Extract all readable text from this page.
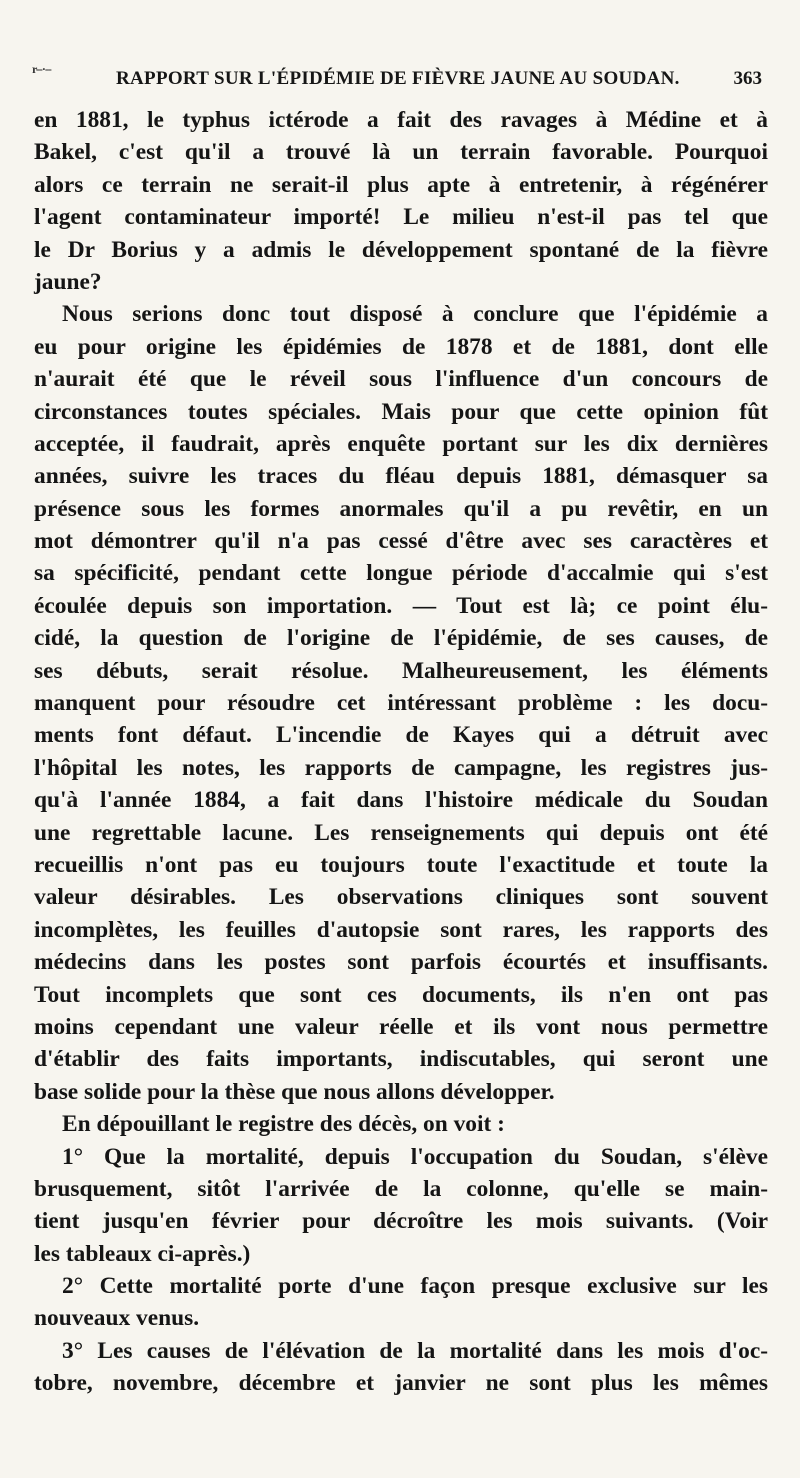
r--·--	RAPPORT SUR L'ÉPIDÉMIE DE FIÈVRE JAUNE AU SOUDAN.	363
en 1881, le typhus ictérode a fait des ravages à Médine et à
Bakel, c'est qu'il a trouvé là un terrain favorable. Pourquoi
alors ce terrain ne serait-il plus apte à entretenir, à régénérer
l'agent contaminateur importé! Le milieu n'est-il pas tel que
le Dr Borius y a admis le développement spontané de la fièvre
jaune?
Nous serions donc tout disposé à conclure que l'épidémie a
eu pour origine les épidémies de 1878 et de 1881, dont elle
n'aurait été que le réveil sous l'influence d'un concours de
circonstances toutes spéciales. Mais pour que cette opinion fût
acceptée, il faudrait, après enquête portant sur les dix dernières
années, suivre les traces du fléau depuis 1881, démasquer sa
présence sous les formes anormales qu'il a pu revêtir, en un
mot démontrer qu'il n'a pas cessé d'être avec ses caractères et
sa spécificité, pendant cette longue période d'accalmie qui s'est
écoulée depuis son importation. — Tout est là; ce point élu-
cidé, la question de l'origine de l'épidémie, de ses causes, de
ses débuts, serait résolue. Malheureusement, les éléments
manquent pour résoudre cet intéressant problème : les docu-
ments font défaut. L'incendie de Kayes qui a détruit avec
l'hôpital les notes, les rapports de campagne, les registres jus-
qu'à l'année 1884, a fait dans l'histoire médicale du Soudan
une regrettable lacune. Les renseignements qui depuis ont été
recueillis n'ont pas eu toujours toute l'exactitude et toute la
valeur désirables. Les observations cliniques sont souvent
incomplètes, les feuilles d'autopsie sont rares, les rapports des
médecins dans les postes sont parfois écourtés et insuffisants.
Tout incomplets que sont ces documents, ils n'en ont pas
moins cependant une valeur réelle et ils vont nous permettre
d'établir des faits importants, indiscutables, qui seront une
base solide pour la thèse que nous allons développer.
En dépouillant le registre des décès, on voit :
1° Que la mortalité, depuis l'occupation du Soudan, s'élève
brusquement, sitôt l'arrivée de la colonne, qu'elle se main-
tient jusqu'en février pour décroître les mois suivants. (Voir
les tableaux ci-après.)
2° Cette mortalité porte d'une façon presque exclusive sur les
nouveaux venus.
3° Les causes de l'élévation de la mortalité dans les mois d'oc-
tobre, novembre, décembre et janvier ne sont plus les mêmes
